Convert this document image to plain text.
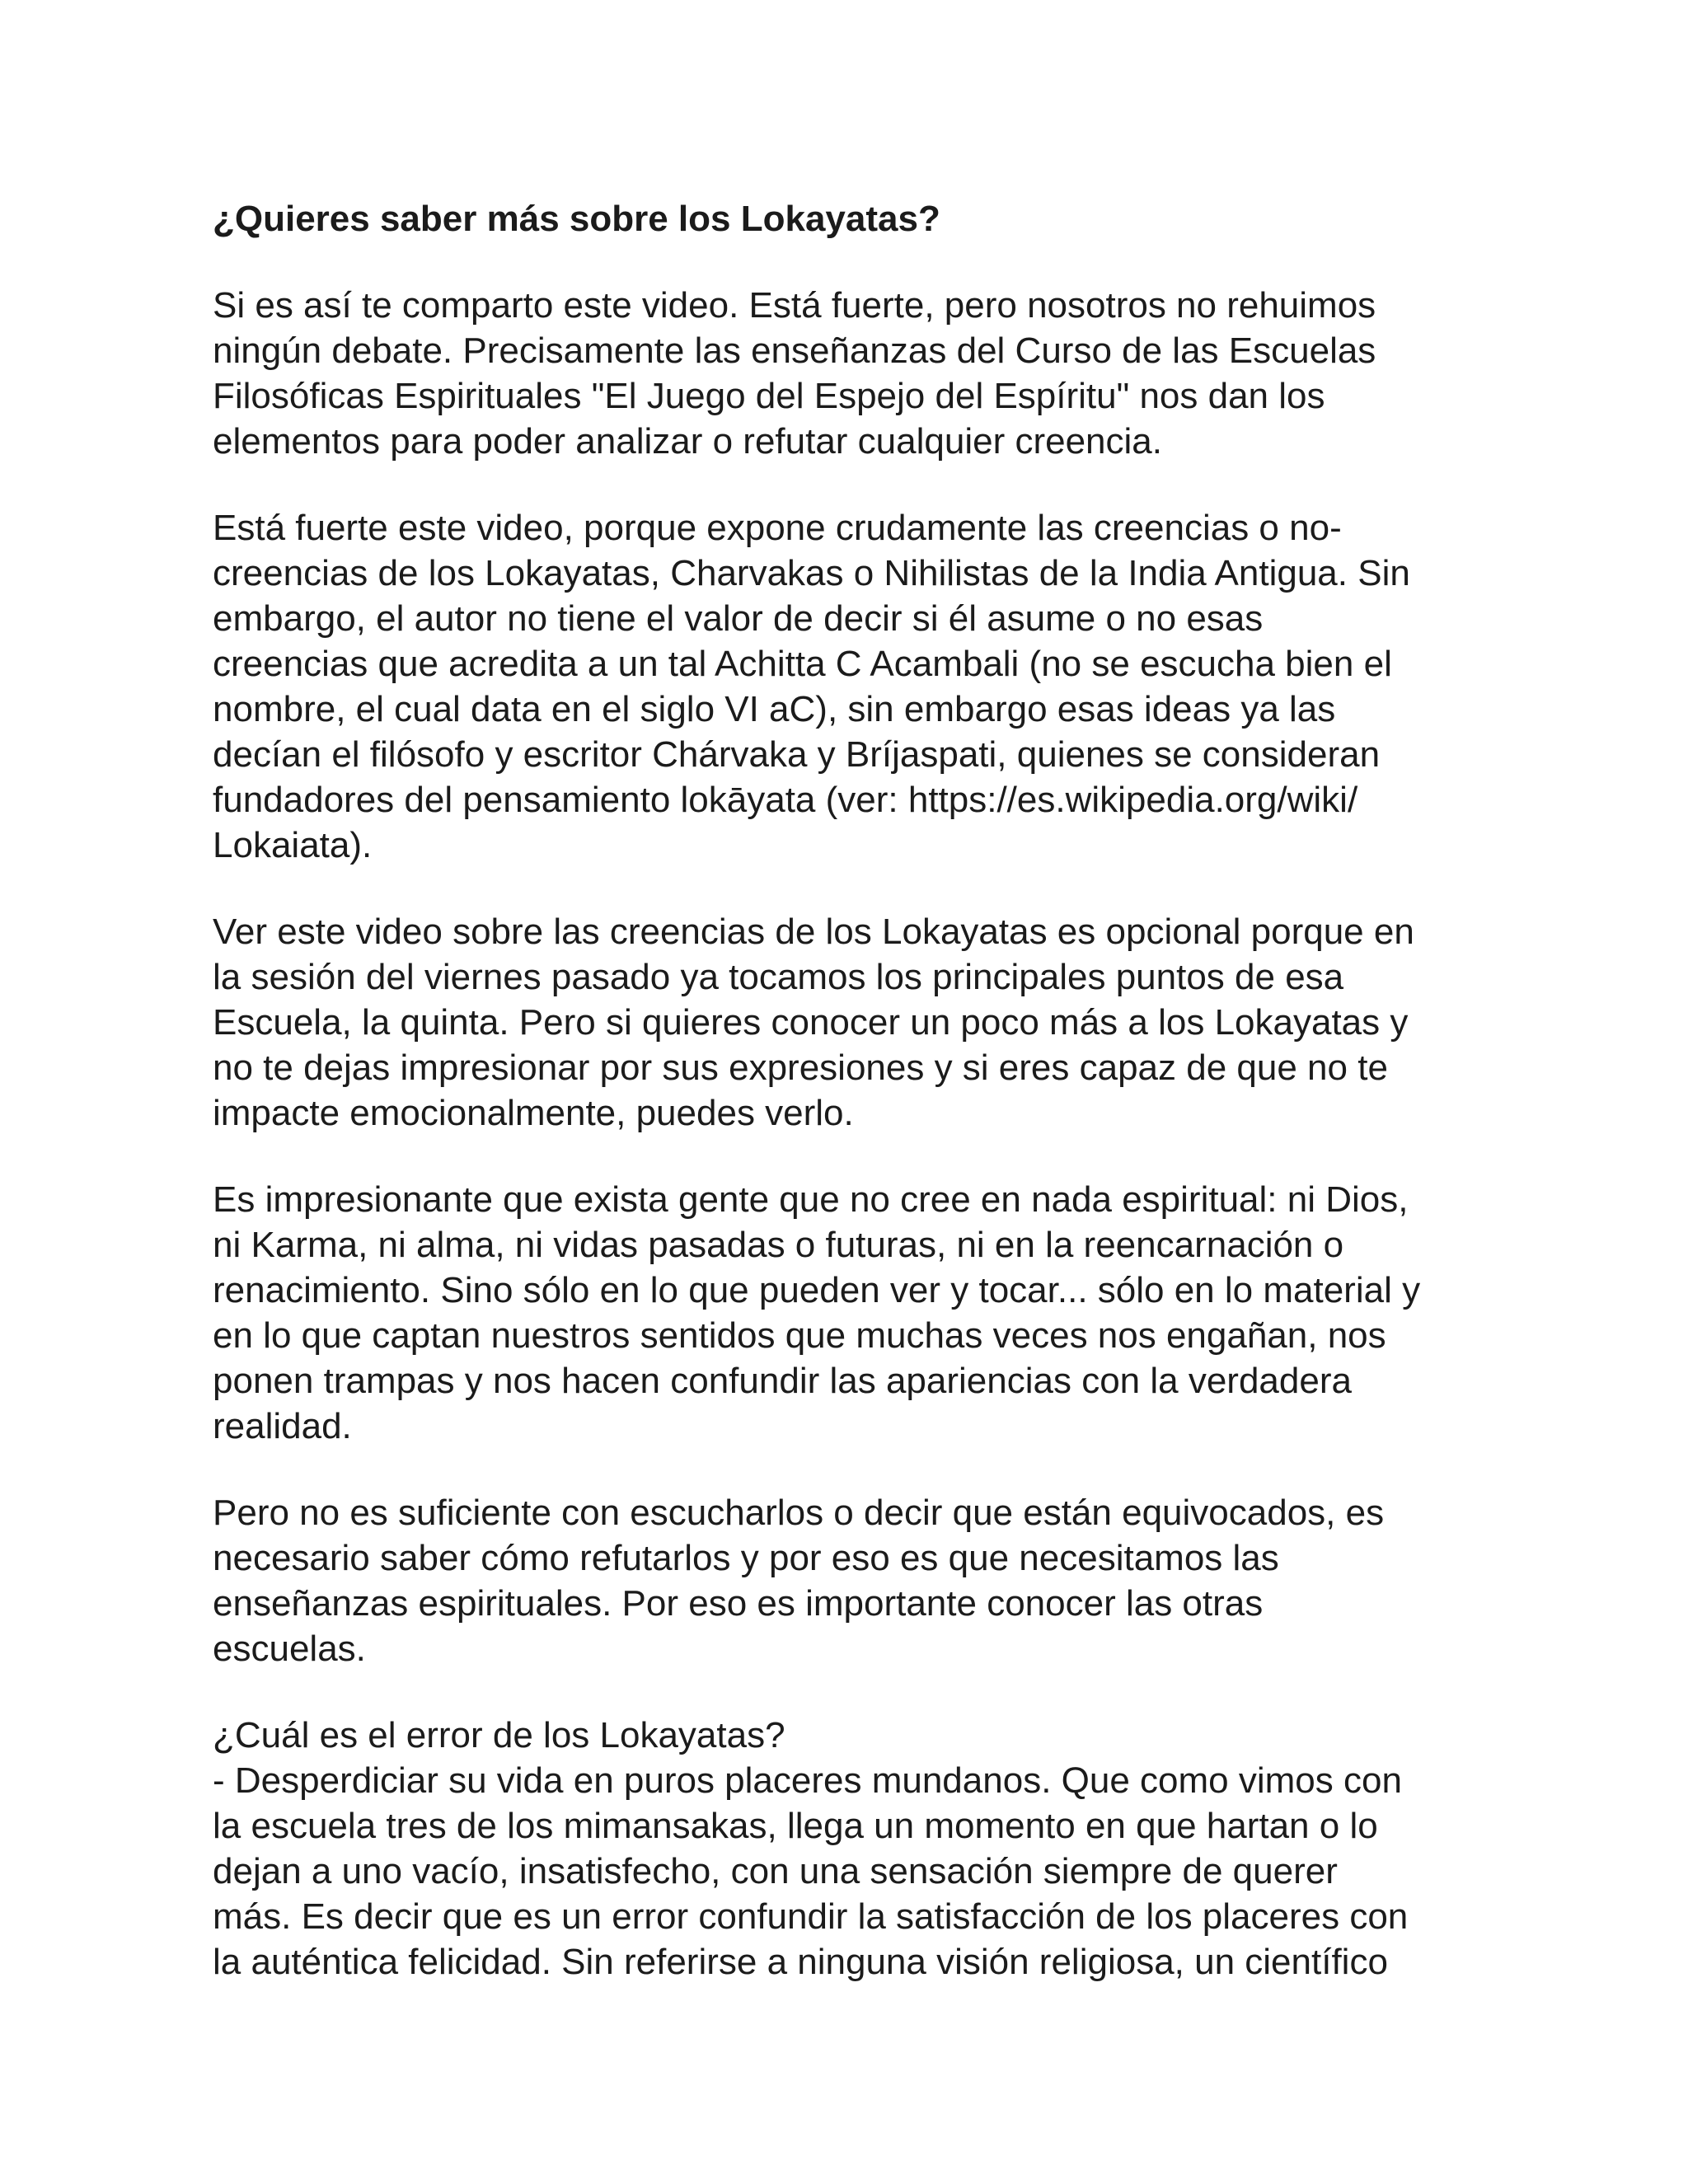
¿Quieres saber más sobre los Lokayatas?

Si es así te comparto este video. Está fuerte, pero nosotros no rehuimos
ningún debate. Precisamente las enseñanzas del Curso de las Escuelas
Filosóficas Espirituales "El Juego del Espejo del Espíritu" nos dan los
elementos para poder analizar o refutar cualquier creencia.

Está fuerte este video, porque expone crudamente las creencias o no-
creencias de los Lokayatas, Charvakas o Nihilistas de la India Antigua. Sin
embargo, el autor no tiene el valor de decir si él asume o no esas
creencias que acredita a un tal Achitta C Acambali (no se escucha bien el
nombre, el cual data en el siglo VI aC), sin embargo esas ideas ya las
decían el filósofo y escritor Chárvaka y Bríjaspati, quienes se consideran
fundadores del pensamiento lokāyata (ver: https://es.wikipedia.org/wiki/
Lokaiata).

Ver este video sobre las creencias de los Lokayatas es opcional porque en
la sesión del viernes pasado ya tocamos los principales puntos de esa
Escuela, la quinta. Pero si quieres conocer un poco más a los Lokayatas y
no te dejas impresionar por sus expresiones y si eres capaz de que no te
impacte emocionalmente, puedes verlo.

Es impresionante que exista gente que no cree en nada espiritual: ni Dios,
ni Karma, ni alma, ni vidas pasadas o futuras, ni en la reencarnación o
renacimiento. Sino sólo en lo que pueden ver y tocar... sólo en lo material y
en lo que captan nuestros sentidos que muchas veces nos engañan, nos
ponen trampas y nos hacen confundir las apariencias con la verdadera
realidad.

Pero no es suficiente con escucharlos o decir que están equivocados, es
necesario saber cómo refutarlos y por eso es que necesitamos las
enseñanzas espirituales. Por eso es importante conocer las otras
escuelas.

¿Cuál es el error de los Lokayatas?
- Desperdiciar su vida en puros placeres mundanos. Que como vimos con
la escuela tres de los mimansakas, llega un momento en que hartan o lo
dejan a uno vacío, insatisfecho, con una sensación siempre de querer
más. Es decir que es un error confundir la satisfacción de los placeres con
la auténtica felicidad. Sin referirse a ninguna visión religiosa, un científico
